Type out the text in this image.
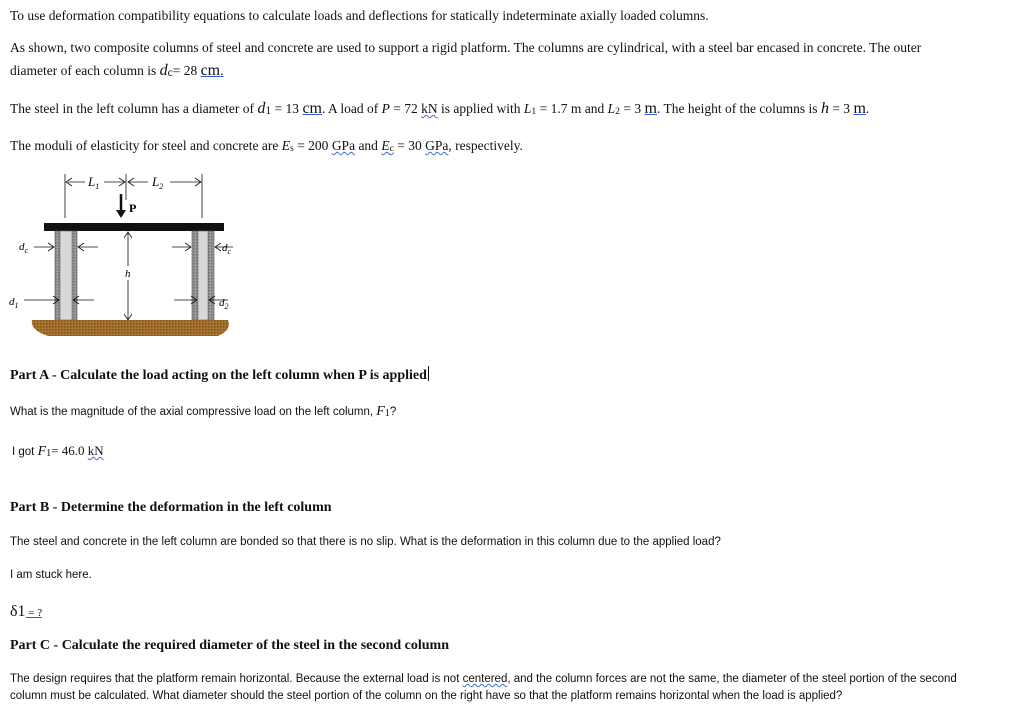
To use deformation compatibility equations to calculate loads and deflections for statically indeterminate axially loaded columns.
As shown, two composite columns of steel and concrete are used to support a rigid platform. The columns are cylindrical, with a steel bar encased in concrete. The outer
diameter of each column is dc= 28 cm.
The steel in the left column has a diameter of d1 = 13 cm. A load of P = 72 kN is applied with L1 = 1.7 m and L2 = 3 m. The height of the columns is h = 3 m.
The moduli of elasticity for steel and concrete are Es = 200 GPa and Ec = 30 GPa, respectively.
$L_1$	$L_2$
P
$d_c$
h
$d_c$
$d_1$	$d_2$
Part A - Calculate the load acting on the left column when P is applied
What is the magnitude of the axial compressive load on the left column, F1?
I got F1= 46.0 kN
Part B - Determine the deformation in the left column
The steel and concrete in the left column are bonded so that there is no slip. What is the deformation in this column due to the applied load?
I am stuck here.
δ1 = ?
Part C - Calculate the required diameter of the steel in the second column
The design requires that the platform remain horizontal. Because the external load is not centered, and the column forces are not the same, the diameter of the steel portion of the second
column must be calculated. What diameter should the steel portion of the column on the right have so that the platform remains horizontal when the load is applied?
